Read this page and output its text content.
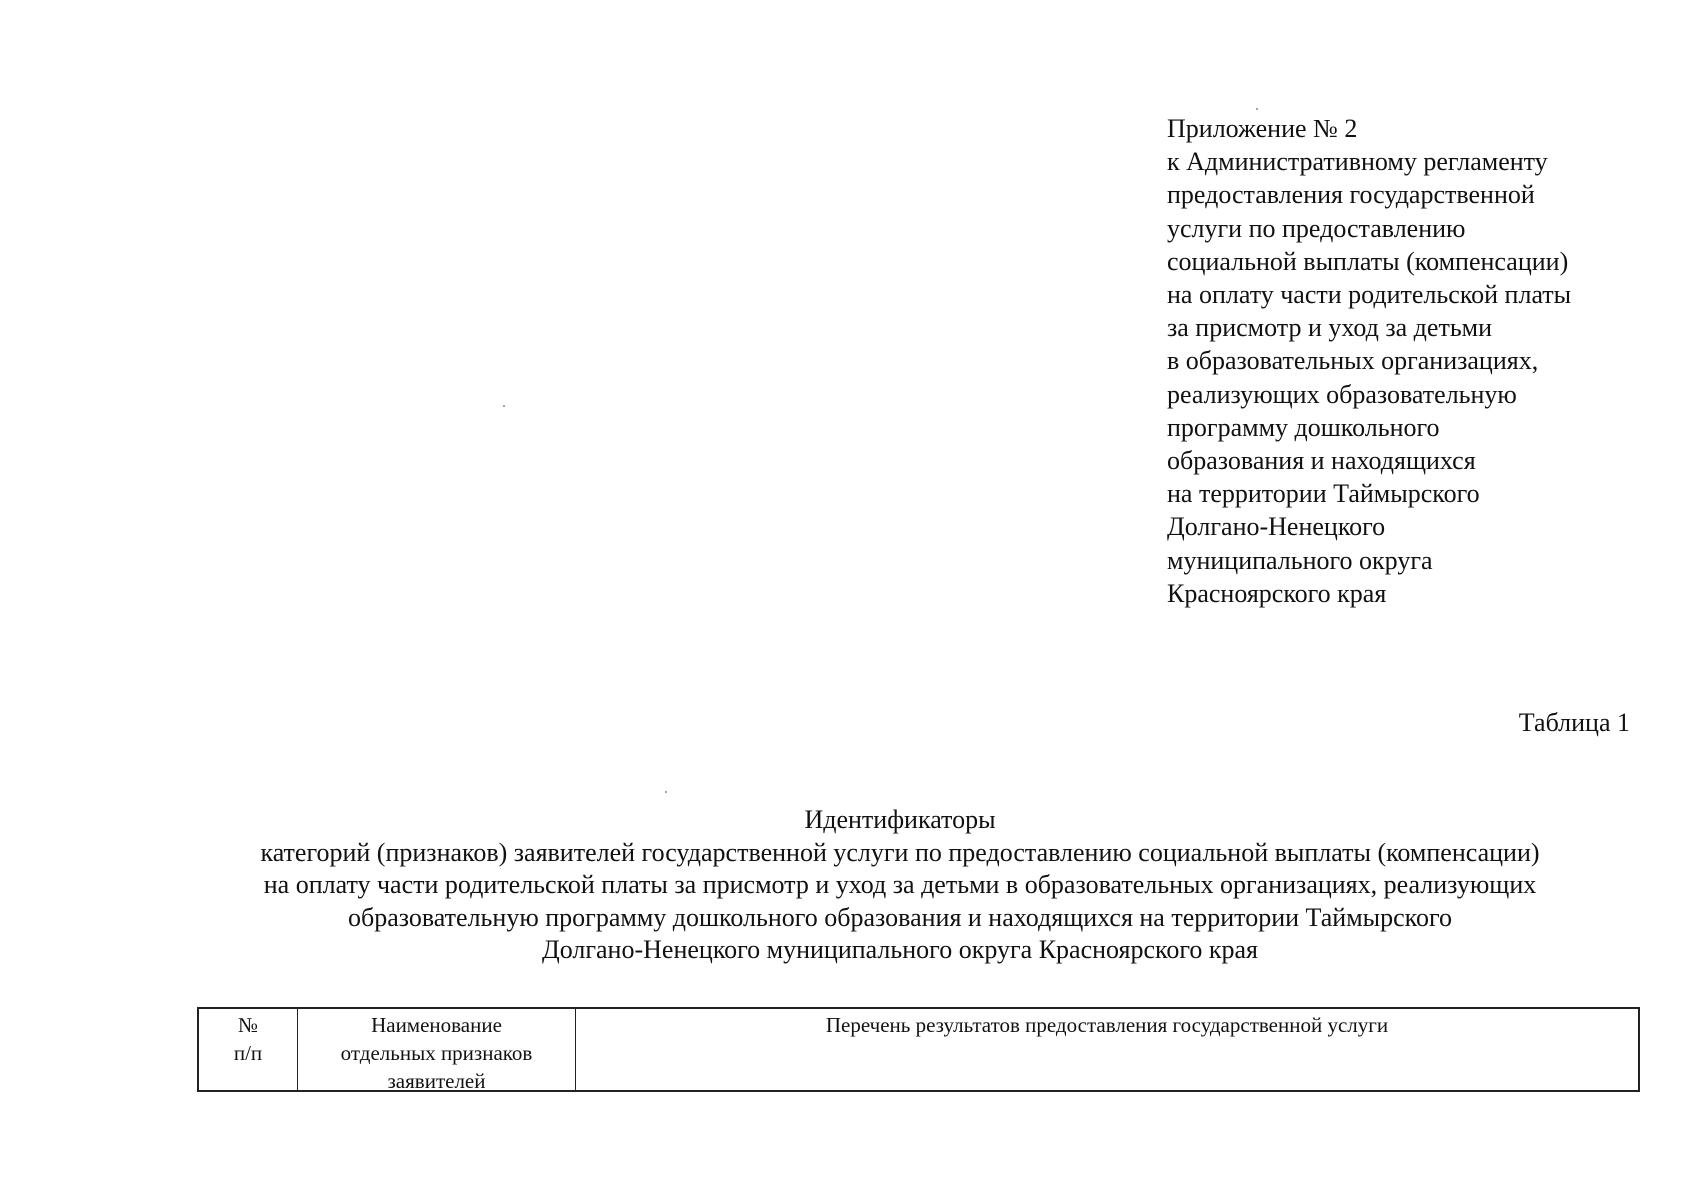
Приложение № 2
к Административному регламенту
предоставления государственной
услуги по предоставлению
социальной выплаты (компенсации)
на оплату части родительской платы
за присмотр и уход за детьми
в образовательных организациях,
реализующих образовательную
программу дошкольного
образования и находящихся
на территории Таймырского
Долгано-Ненецкого
муниципального округа
Красноярского края
Таблица 1
Идентификаторы
категорий (признаков) заявителей государственной услуги по предоставлению социальной выплаты (компенсации)
на оплату части родительской платы за присмотр и уход за детьми в образовательных организациях, реализующих
образовательную программу дошкольного образования и находящихся на территории Таймырского
Долгано-Ненецкого муниципального округа Красноярского края
№
п/п
Наименование
отдельных признаков
заявителей
Перечень результатов предоставления государственной услуги
